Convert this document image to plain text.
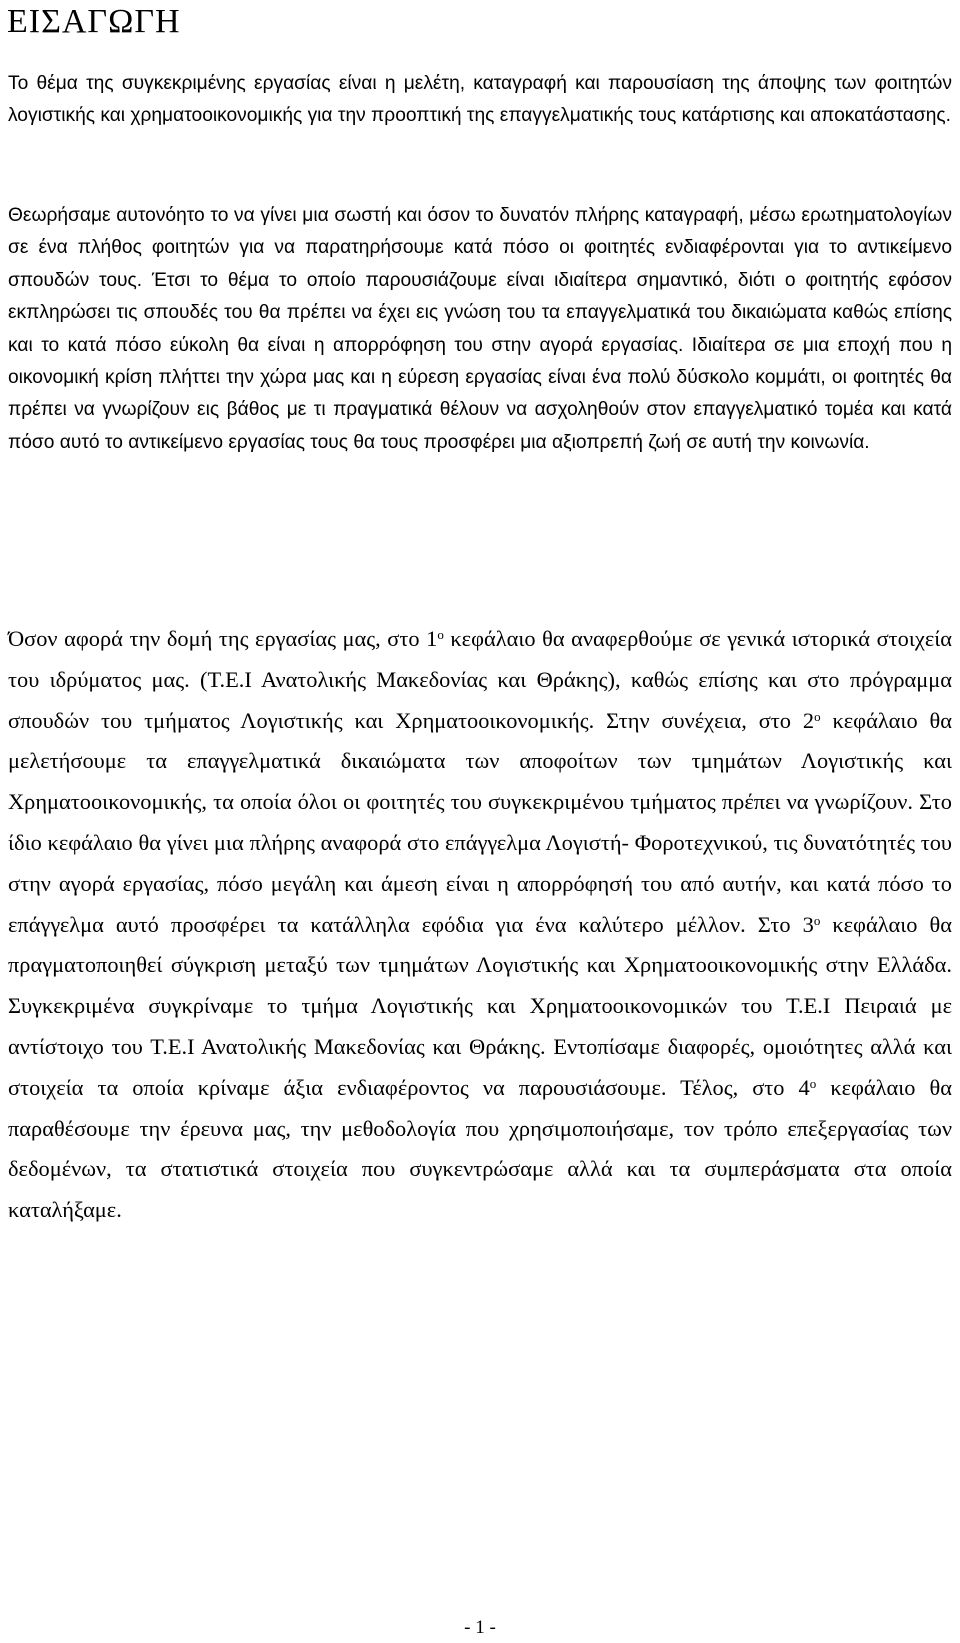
ΕΙΣΑΓΩΓΗ

Το θέμα της συγκεκριμένης εργασίας είναι η μελέτη, καταγραφή και παρουσίαση της άποψης των φοιτητών λογιστικής και χρηματοοικονομικής για την προοπτική της επαγγελματικής τους κατάρτισης και αποκατάστασης.

Θεωρήσαμε αυτονόητο το να γίνει μια σωστή και όσον το δυνατόν πλήρης καταγραφή, μέσω ερωτηματολογίων σε ένα πλήθος φοιτητών για να παρατηρήσουμε κατά πόσο οι φοιτητές ενδιαφέρονται για το αντικείμενο σπουδών τους. Έτσι το θέμα το οποίο παρουσιάζουμε είναι ιδιαίτερα σημαντικό, διότι ο φοιτητής εφόσον εκπληρώσει τις σπουδές του θα πρέπει να έχει εις γνώση του τα επαγγελματικά του δικαιώματα καθώς επίσης και το κατά πόσο εύκολη θα είναι η απορρόφηση του στην αγορά εργασίας. Ιδιαίτερα σε μια εποχή που η οικονομική κρίση πλήττει την χώρα μας και η εύρεση εργασίας είναι ένα πολύ δύσκολο κομμάτι, οι φοιτητές θα πρέπει να γνωρίζουν εις βάθος με τι πραγματικά θέλουν να ασχοληθούν στον επαγγελματικό τομέα και κατά πόσο αυτό το αντικείμενο εργασίας τους θα τους προσφέρει μια αξιοπρεπή ζωή σε αυτή την κοινωνία.

Όσον αφορά την δομή της εργασίας μας, στο $1^o$ κεφάλαιο θα αναφερθούμε σε γενικά ιστορικά στοιχεία του ιδρύματος μας. (Τ.Ε.Ι Ανατολικής Μακεδονίας και Θράκης), καθώς επίσης και στο πρόγραμμα σπουδών του τμήματος Λογιστικής και Χρηματοοικονομικής. Στην συνέχεια, στο $2^o$ κεφάλαιο θα μελετήσουμε τα επαγγελματικά δικαιώματα των αποφοίτων των τμημάτων Λογιστικής και Χρηματοοικονομικής, τα οποία όλοι οι φοιτητές του συγκεκριμένου τμήματος πρέπει να γνωρίζουν. Στο ίδιο κεφάλαιο θα γίνει μια πλήρης αναφορά στο επάγγελμα Λογιστή- Φοροτεχνικού, τις δυνατότητές του στην αγορά εργασίας, πόσο μεγάλη και άμεση είναι η απορρόφησή του από αυτήν, και κατά πόσο το επάγγελμα αυτό προσφέρει τα κατάλληλα εφόδια για ένα καλύτερο μέλλον. Στο $3^o$ κεφάλαιο θα πραγματοποιηθεί σύγκριση μεταξύ των τμημάτων Λογιστικής και Χρηματοοικονομικής στην Ελλάδα. Συγκεκριμένα συγκρίναμε το τμήμα Λογιστικής και Χρηματοοικονομικών του Τ.Ε.Ι Πειραιά με αντίστοιχο του Τ.Ε.Ι Ανατολικής Μακεδονίας και Θράκης. Εντοπίσαμε διαφορές, ομοιότητες αλλά και στοιχεία τα οποία κρίναμε άξια ενδιαφέροντος να παρουσιάσουμε. Τέλος, στο $4^o$ κεφάλαιο θα παραθέσουμε την έρευνα μας, την μεθοδολογία που χρησιμοποιήσαμε, τον τρόπο επεξεργασίας των δεδομένων, τα στατιστικά στοιχεία που συγκεντρώσαμε αλλά και τα συμπεράσματα στα οποία καταλήξαμε.

- 1 -
